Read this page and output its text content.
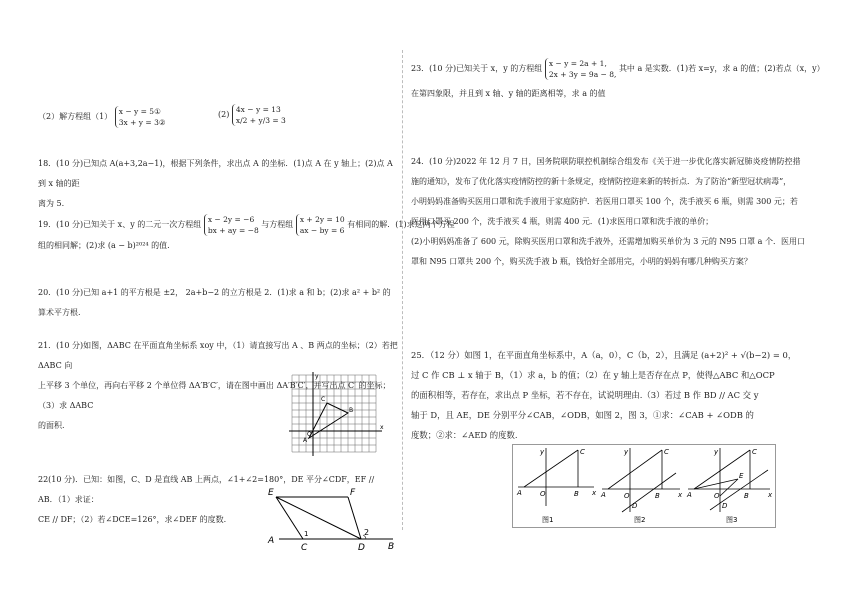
（2）解方程组（1） x − y = 5①
3x + y = 3②
(2) 4x − y = 13
x/2 + y/3 = 3
18．(10 分)已知点 A(a+3,2a−1)，根据下列条件，求出点 A 的坐标．(1)点 A 在 y 轴上；(2)点 A 到 x 轴的距
离为 5.
19．(10 分)已知关于 x、y 的二元一次方程组 x − 2y = −6
bx + ay = −8 与方程组 x + 2y = 10
ax − by = 6 有相同的解．(1)求这两个方程
组的相同解；(2)求 (a − b)²⁰²⁴ 的值.
20．(10 分)已知 a+1 的平方根是 ±2， 2a+b−2 的立方根是 2．(1)求 a 和 b；(2)求 a² + b² 的算术平方根.
21．(10 分)如图，ΔABC 在平面直角坐标系 xoy 中，（1）请直接写出 A 、B 两点的坐标；（2）若把 ΔABC 向
上平移 3 个单位，再向右平移 2 个单位得 ΔA′B′C′，请在图中画出 ΔA′B′C′，并写出点 C′ 的坐标；（3）求 ΔABC
的面积.
y
x
O
A
B
C
22(10 分)．已知：如图，C、D 是直线 AB 上两点，∠1+∠2=180°，DE 平分∠CDF，EF // AB．（1）求证：
CE // DF；（2）若∠DCE=126°，求∠DEF 的度数.
E	F
A
B
C	D
1	2
23．(10 分)已知关于 x，y 的方程组 x − y = 2a + 1,
2x + 3y = 9a − 8, 其中 a 是实数．(1)若 x=y，求 a 的值；(2)若点（x，y）
在第四象限，并且到 x 轴、y 轴的距离相等，求 a 的值
24．(10 分)2022 年 12 月 7 日，国务院联防联控机制综合组发布《关于进一步优化落实新冠肺炎疫情防控措
施的通知》，发布了优化落实疫情防控的新十条规定，疫情防控迎来新的转折点．为了防治“新型冠状病毒”，
小明妈妈准备购买医用口罩和洗手液用于家庭防护．若医用口罩买 100 个，洗手液买 6 瓶，则需 300 元；若
医用口罩买 200 个，洗手液买 4 瓶，则需 400 元．(1)求医用口罩和洗手液的单价；
(2)小明妈妈准备了 600 元，除购买医用口罩和洗手液外，还需增加购买单价为 3 元的 N95 口罩 a 个．医用口
罩和 N95 口罩共 200 个，购买洗手液 b 瓶，钱恰好全部用完，小明的妈妈有哪几种购买方案？
25．（12 分）如图 1，在平面直角坐标系中，A（a，0），C（b，2），且满足 (a+2)² + √(b−2) = 0，
过 C 作 CB ⊥ x 轴于 B，（1）求 a，b 的值；（2）在 y 轴上是否存在点 P，使得△ABC 和△OCP
的面积相等，若存在，求出点 P 坐标，若不存在，试说明理由.（3）若过 B 作 BD // AC 交 y
轴于 D，且 AE，DE 分别平分∠CAB，∠ODB，如图 2，图 3，①求：∠CAB + ∠ODB 的
度数；②求：∠AED 的度数.
y
x
A	O	B
C
图1
y
x
A	O	B
C
D
图2
y
x
A	O	B
C
D
E
图3
